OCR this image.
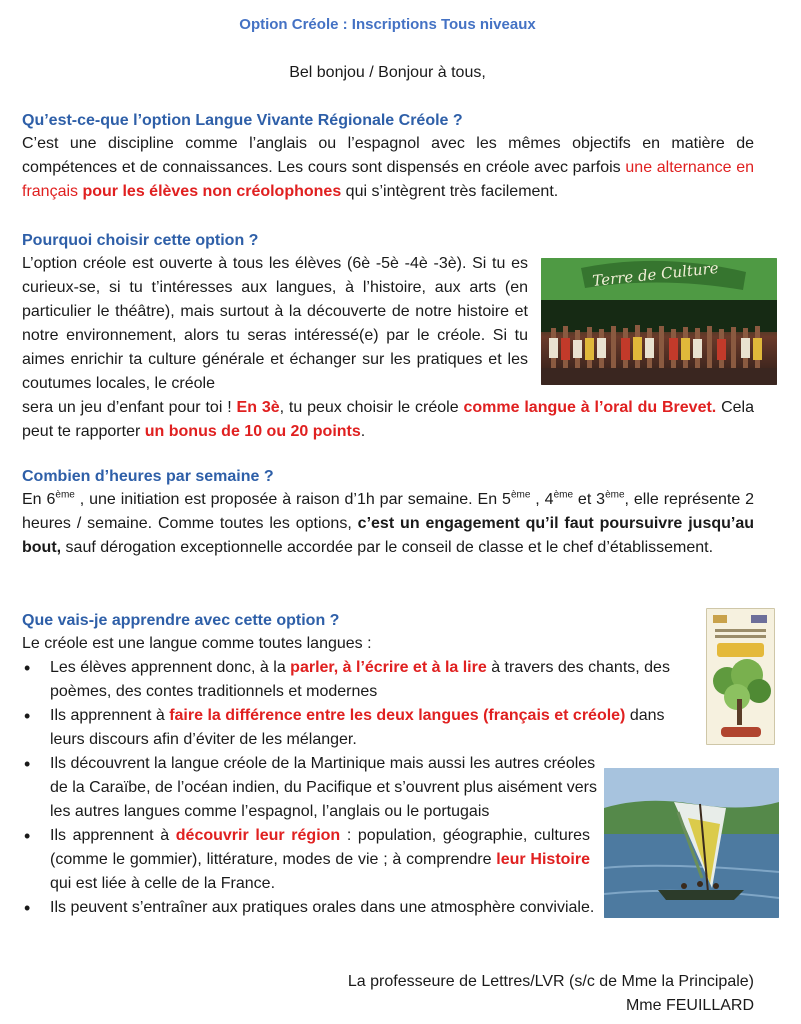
Option Créole : Inscriptions Tous niveaux
Bel bonjou / Bonjour à tous,
Qu’est-ce-que l’option Langue Vivante Régionale Créole ?
C’est une discipline comme l’anglais ou l’espagnol avec les mêmes objectifs en matière de compétences et de connaissances. Les cours sont dispensés en créole avec parfois une alternance en français pour les élèves non créolophones qui s’intègrent très facilement.
Pourquoi choisir cette option ?
L’option créole est ouverte à tous les élèves (6è -5è -4è -3è). Si tu es curieux-se, si tu t’intéresses aux langues, à l’histoire, aux arts (en particulier le théâtre), mais surtout à la découverte de notre histoire et notre environnement, alors tu seras intéressé(e) par le créole. Si tu aimes enrichir ta culture générale et échanger sur les pratiques et les coutumes locales, le créole
sera un jeu d’enfant pour toi ! En 3è, tu peux choisir le créole comme langue à l’oral du Brevet. Cela peut te rapporter un bonus de 10 ou 20 points.
Terre de Culture
Combien d’heures par semaine ?
En 6ème , une initiation est proposée à raison d’1h par semaine. En 5ème , 4ème et 3ème, elle représente 2 heures / semaine. Comme toutes les options, c’est un engagement qu’il faut poursuivre jusqu’au bout, sauf dérogation exceptionnelle accordée par le conseil de classe et le chef d’établissement.
Que vais-je apprendre avec cette option ?
Le créole est une langue comme toutes langues :
• Les élèves apprennent donc, à la parler, à l’écrire et à la lire à travers des chants, des poèmes, des contes traditionnels et modernes
• Ils apprennent à faire la différence entre les deux langues (français et créole) dans leurs discours afin d’éviter de les mélanger.
• Ils découvrent la langue créole de la Martinique mais aussi les autres créoles de la Caraïbe, de l’océan indien, du Pacifique et s’ouvrent plus aisément vers les autres langues comme l’espagnol, l’anglais ou le portugais
• Ils apprennent à découvrir leur région : population, géographie, cultures (comme le gommier), littérature, modes de vie ; à comprendre leur Histoire qui est liée à celle de la France.
• Ils peuvent s’entraîner aux pratiques orales dans une atmosphère conviviale.
La professeure de Lettres/LVR (s/c de Mme la Principale)
Mme FEUILLARD
